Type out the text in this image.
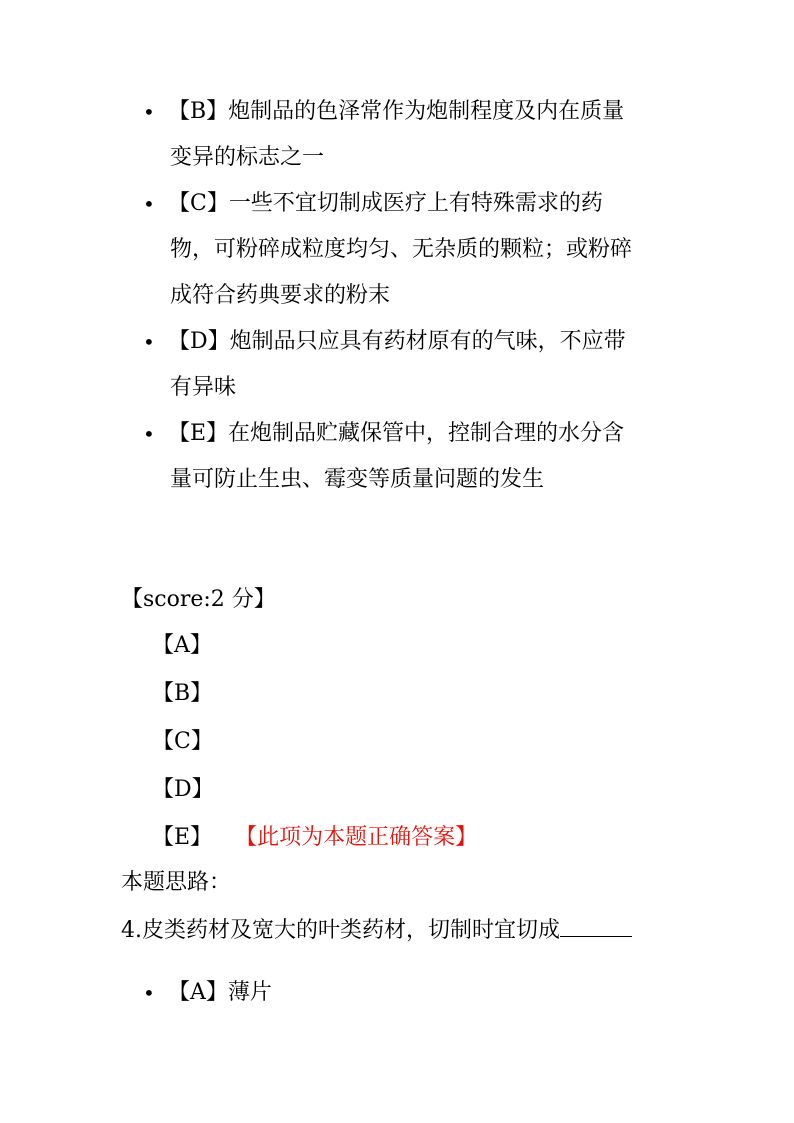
• 【B】炮制品的色泽常作为炮制程度及内在质量
变异的标志之一
• 【C】一些不宜切制成医疗上有特殊需求的药
物，可粉碎成粒度均匀、无杂质的颗粒；或粉碎
成符合药典要求的粉末
• 【D】炮制品只应具有药材原有的气味，不应带
有异味
• 【E】在炮制品贮藏保管中，控制合理的水分含
量可防止生虫、霉变等质量问题的发生
【score:2 分】
【A】
【B】
【C】
【D】
【E】 【此项为本题正确答案】
本题思路：
4.皮类药材及宽大的叶类药材，切制时宜切成
• 【A】薄片
